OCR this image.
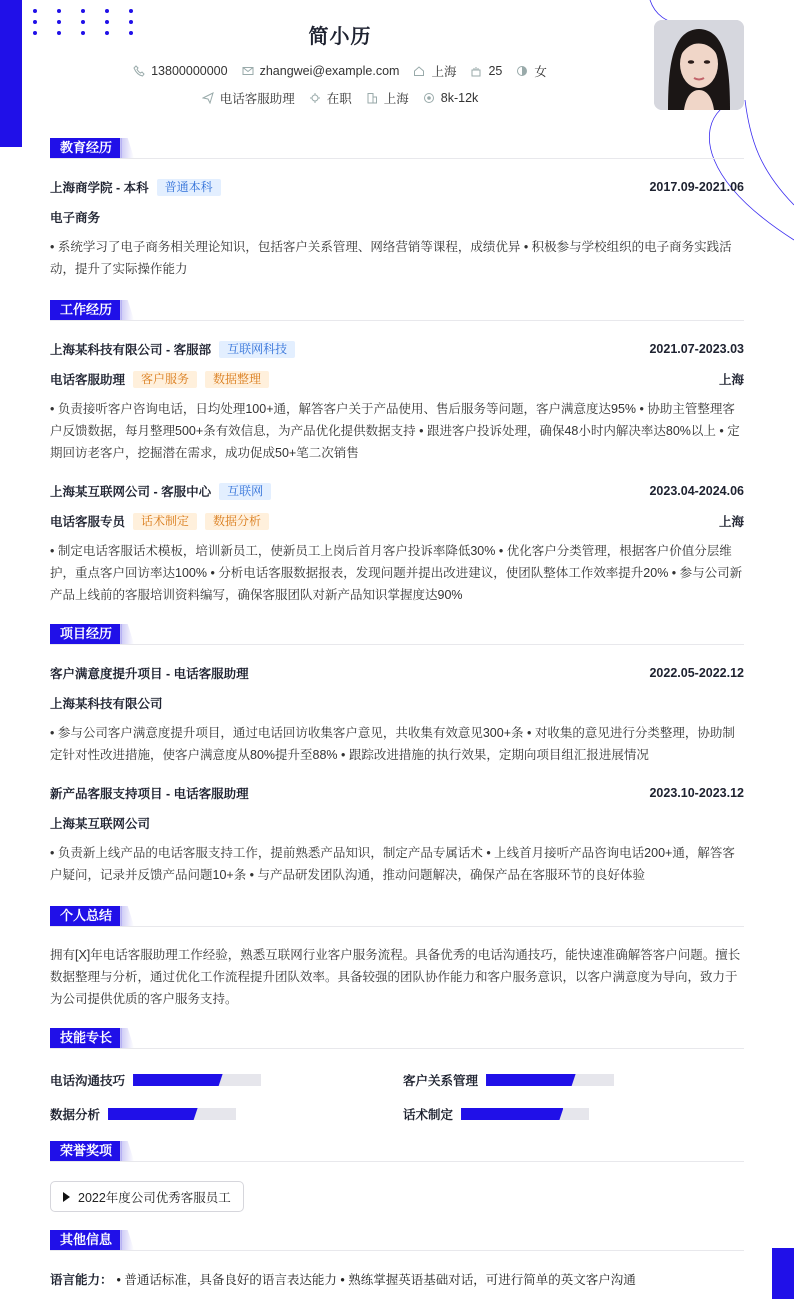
简小历
13800000000	zhangwei@example.com	上海	25	女
电话客服助理	在职	上海	8k-12k
教育经历
上海商学院 - 本科	普通本科	2017.09-2021.06
电子商务
• 系统学习了电子商务相关理论知识，包括客户关系管理、网络营销等课程，成绩优异 • 积极参与学校组织的电子商务实践活动，提升了实际操作能力
工作经历
上海某科技有限公司 - 客服部	互联网科技	2021.07-2023.03
电话客服助理	客户服务	数据整理	上海
• 负责接听客户咨询电话，日均处理100+通，解答客户关于产品使用、售后服务等问题，客户满意度达95% • 协助主管整理客户反馈数据，每月整理500+条有效信息，为产品优化提供数据支持 • 跟进客户投诉处理，确保48小时内解决率达80%以上 • 定期回访老客户，挖掘潜在需求，成功促成50+笔二次销售
上海某互联网公司 - 客服中心	互联网	2023.04-2024.06
电话客服专员	话术制定	数据分析	上海
• 制定电话客服话术模板，培训新员工，使新员工上岗后首月客户投诉率降低30% • 优化客户分类管理，根据客户价值分层维护，重点客户回访率达100% • 分析电话客服数据报表，发现问题并提出改进建议，使团队整体工作效率提升20% • 参与公司新产品上线前的客服培训资料编写，确保客服团队对新产品知识掌握度达90%
项目经历
客户满意度提升项目 - 电话客服助理	2022.05-2022.12
上海某科技有限公司
• 参与公司客户满意度提升项目，通过电话回访收集客户意见，共收集有效意见300+条 • 对收集的意见进行分类整理，协助制定针对性改进措施，使客户满意度从80%提升至88% • 跟踪改进措施的执行效果，定期向项目组汇报进展情况
新产品客服支持项目 - 电话客服助理	2023.10-2023.12
上海某互联网公司
• 负责新上线产品的电话客服支持工作，提前熟悉产品知识，制定产品专属话术 • 上线首月接听产品咨询电话200+通，解答客户疑问，记录并反馈产品问题10+条 • 与产品研发团队沟通，推动问题解决，确保产品在客服环节的良好体验
个人总结
拥有[X]年电话客服助理工作经验，熟悉互联网行业客户服务流程。具备优秀的电话沟通技巧，能快速准确解答客户问题。擅长数据整理与分析，通过优化工作流程提升团队效率。具备较强的团队协作能力和客户服务意识，以客户满意度为导向，致力于为公司提供优质的客户服务支持。
技能专长
电话沟通技巧	客户关系管理
数据分析	话术制定
荣誉奖项
2022年度公司优秀客服员工
其他信息
语言能力： • 普通话标准，具备良好的语言表达能力 • 熟练掌握英语基础对话，可进行简单的英文客户沟通
